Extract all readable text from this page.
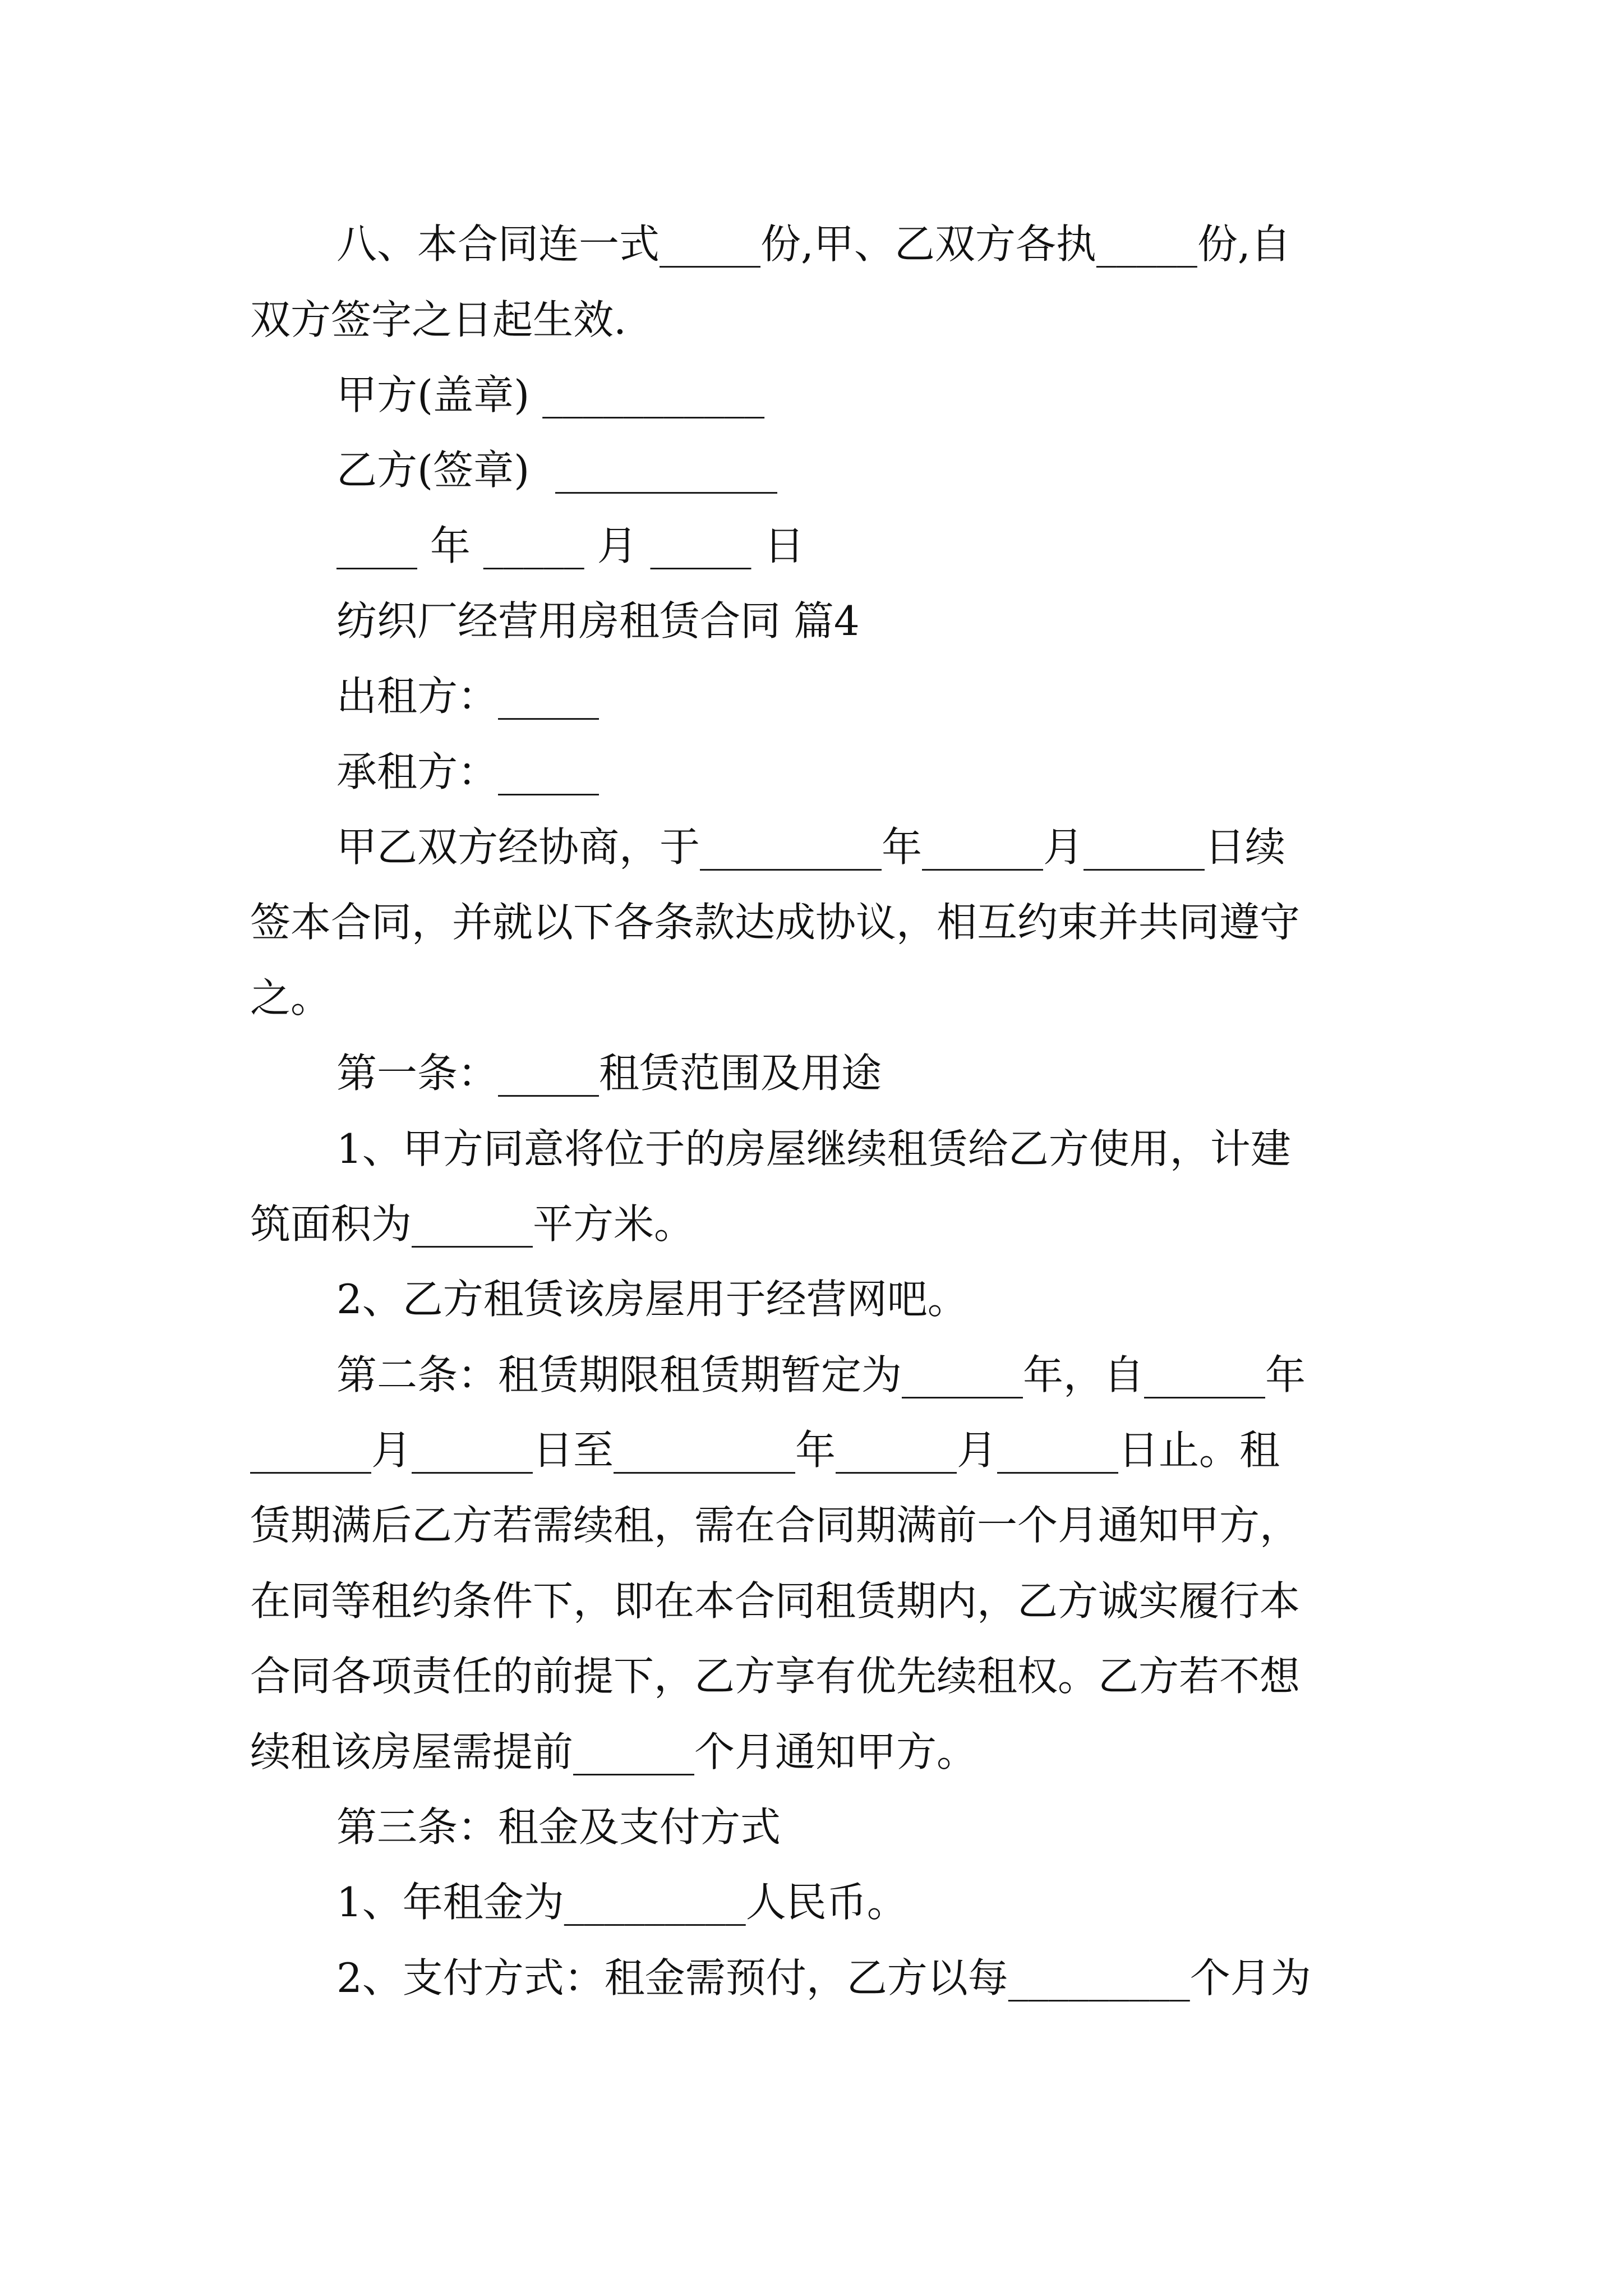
八、本合同连一式_____份,甲、乙双方各执_____份,自
双方签字之日起生效.
甲方(盖章) ___________
乙方(签章)  ___________
____ 年 _____ 月 _____ 日
纺织厂经营用房租赁合同 篇4
出租方：_____
承租方：_____
甲乙双方经协商，于_________年______月______日续
签本合同，并就以下各条款达成协议，相互约束并共同遵守
之。
第一条：_____租赁范围及用途
1、甲方同意将位于的房屋继续租赁给乙方使用，计建
筑面积为______平方米。
2、乙方租赁该房屋用于经营网吧。
第二条：租赁期限租赁期暂定为______年，自______年
______月______日至_________年______月______日止。租
赁期满后乙方若需续租，需在合同期满前一个月通知甲方，
在同等租约条件下，即在本合同租赁期内，乙方诚实履行本
合同各项责任的前提下，乙方享有优先续租权。乙方若不想
续租该房屋需提前______个月通知甲方。
第三条：租金及支付方式
1、年租金为_________人民币。
2、支付方式：租金需预付，乙方以每_________个月为
